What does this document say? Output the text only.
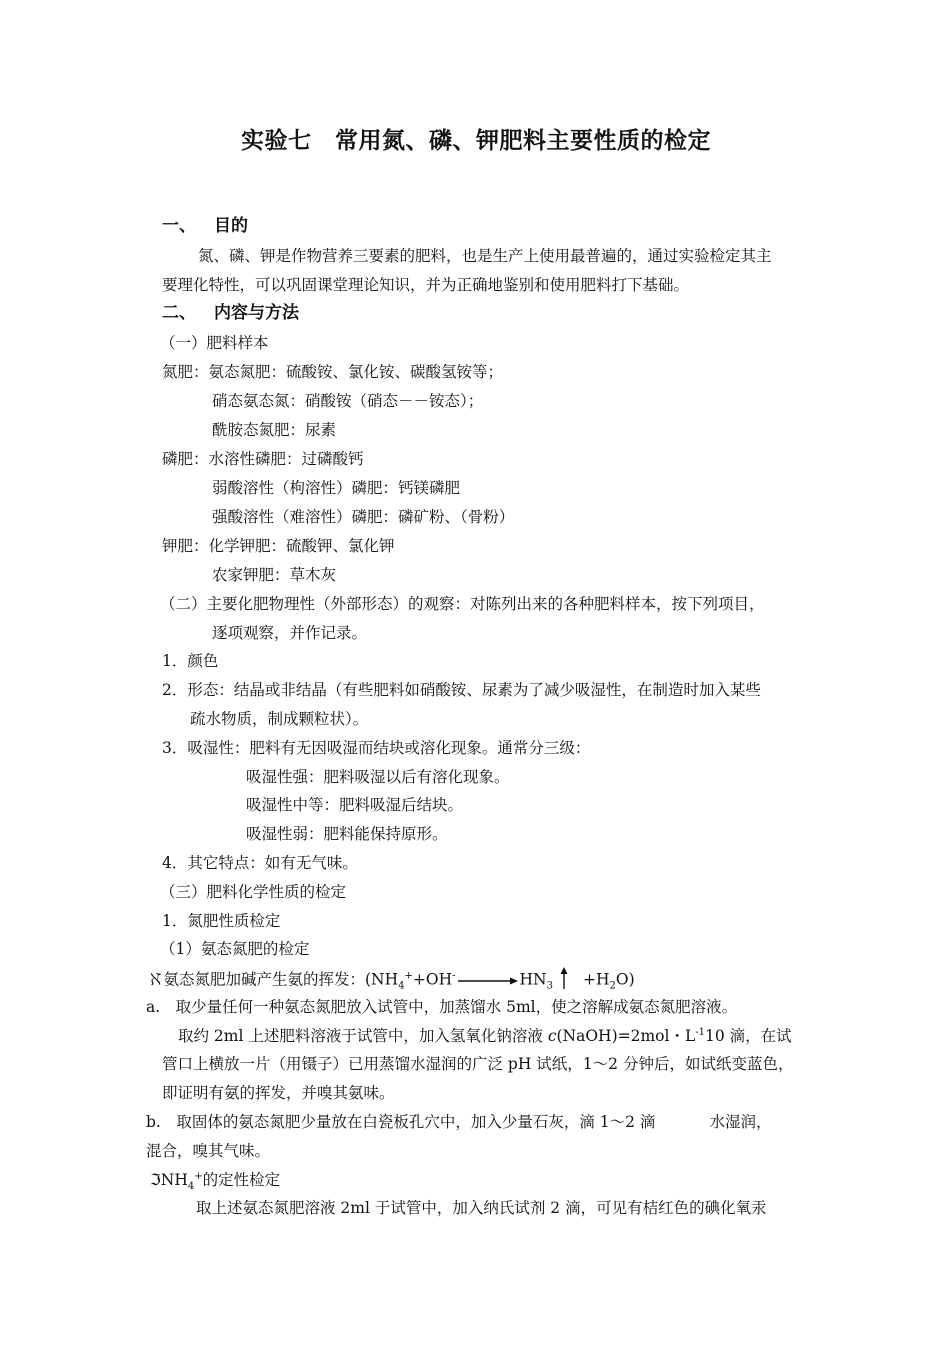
实验七　常用氮、磷、钾肥料主要性质的检定
一、 目的
氮、磷、钾是作物营养三要素的肥料，也是生产上使用最普遍的，通过实验检定其主
要理化特性，可以巩固课堂理论知识，并为正确地鉴别和使用肥料打下基础。
二、 内容与方法
（一）肥料样本
氮肥：氨态氮肥：硫酸铵、氯化铵、碳酸氢铵等；
硝态氨态氮：硝酸铵（硝态－－铵态）；
酰胺态氮肥：尿素
磷肥：水溶性磷肥：过磷酸钙
弱酸溶性（枸溶性）磷肥：钙镁磷肥
强酸溶性（难溶性）磷肥：磷矿粉、（骨粉）
钾肥：化学钾肥：硫酸钾、氯化钾
农家钾肥：草木灰
（二）主要化肥物理性（外部形态）的观察：对陈列出来的各种肥料样本，按下列项目，
逐项观察，并作记录。
1．颜色
2．形态：结晶或非结晶（有些肥料如硝酸铵、尿素为了减少吸湿性，在制造时加入某些
疏水物质，制成颗粒状）。
3．吸湿性：肥料有无因吸湿而结块或溶化现象。通常分三级：
吸湿性强：肥料吸湿以后有溶化现象。
吸湿性中等：肥料吸湿后结块。
吸湿性弱：肥料能保持原形。
4．其它特点：如有无气味。
（三）肥料化学性质的检定
1．氮肥性质检定
（1）氨态氮肥的检定
ℵ氨态氮肥加碱产生氨的挥发：$(NH_4^++OH^- \to HN_3 +H_2O)$
a.　取少量任何一种氨态氮肥放入试管中，加蒸馏水 5ml，使之溶解成氨态氮肥溶液。
取约 2ml 上述肥料溶液于试管中，加入氢氧化钠溶液 c(NaOH)=2mol・$L^{-1}10$ 滴，在试
管口上横放一片（用镊子）已用蒸馏水湿润的广泛 pH 试纸，1～2 分钟后，如试纸变蓝色，
即证明有氨的挥发，并嗅其氨味。
b.　取固体的氨态氮肥少量放在白瓷板孔穴中，加入少量石灰，滴 1～2 滴	水湿润，
混合，嗅其气味。
ℑNH$_4$+的定性检定
取上述氨态氮肥溶液 2ml 于试管中，加入纳氏试剂 2 滴，可见有桔红色的碘化氧汞
